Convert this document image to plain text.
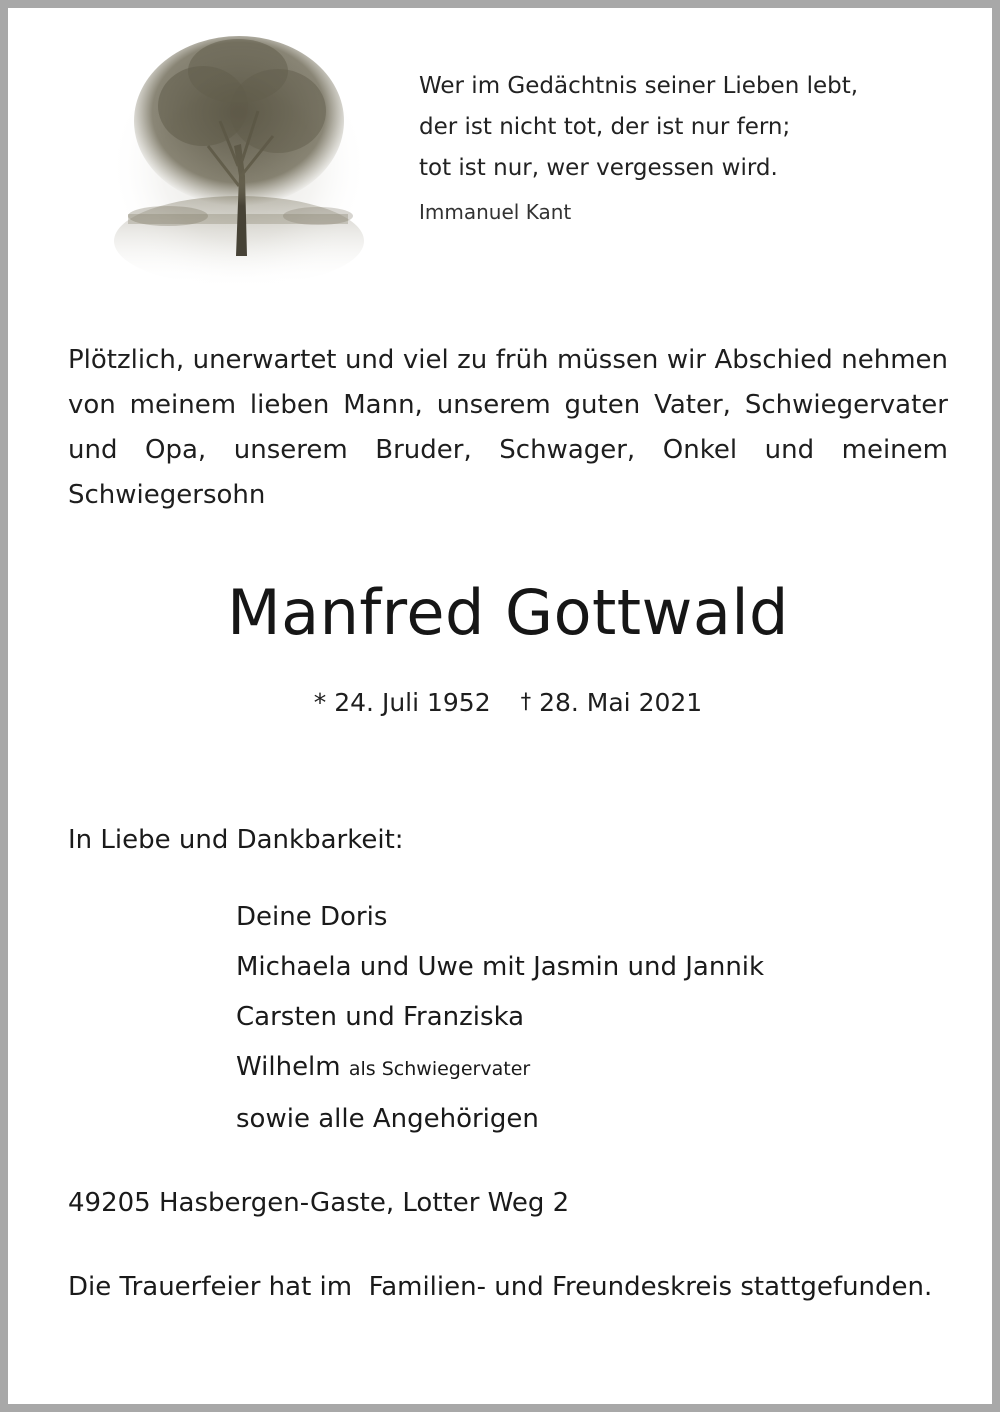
Wer im Gedächtnis seiner Lieben lebt,
der ist nicht tot, der ist nur fern;
tot ist nur, wer vergessen wird.
Immanuel Kant
Plötzlich, unerwartet und viel zu früh müssen wir Abschied nehmen von meinem lieben Mann, unserem guten Vater, Schwiegervater und Opa, unserem Bruder, Schwager, Onkel und meinem Schwiegersohn
Manfred Gottwald
* 24. Juli 1952 † 28. Mai 2021
In Liebe und Dankbarkeit:
Deine Doris
Michaela und Uwe mit Jasmin und Jannik
Carsten und Franziska
Wilhelm als Schwiegervater
sowie alle Angehörigen
49205 Hasbergen-Gaste, Lotter Weg 2
Die Trauerfeier hat im  Familien- und Freundeskreis stattgefunden.
